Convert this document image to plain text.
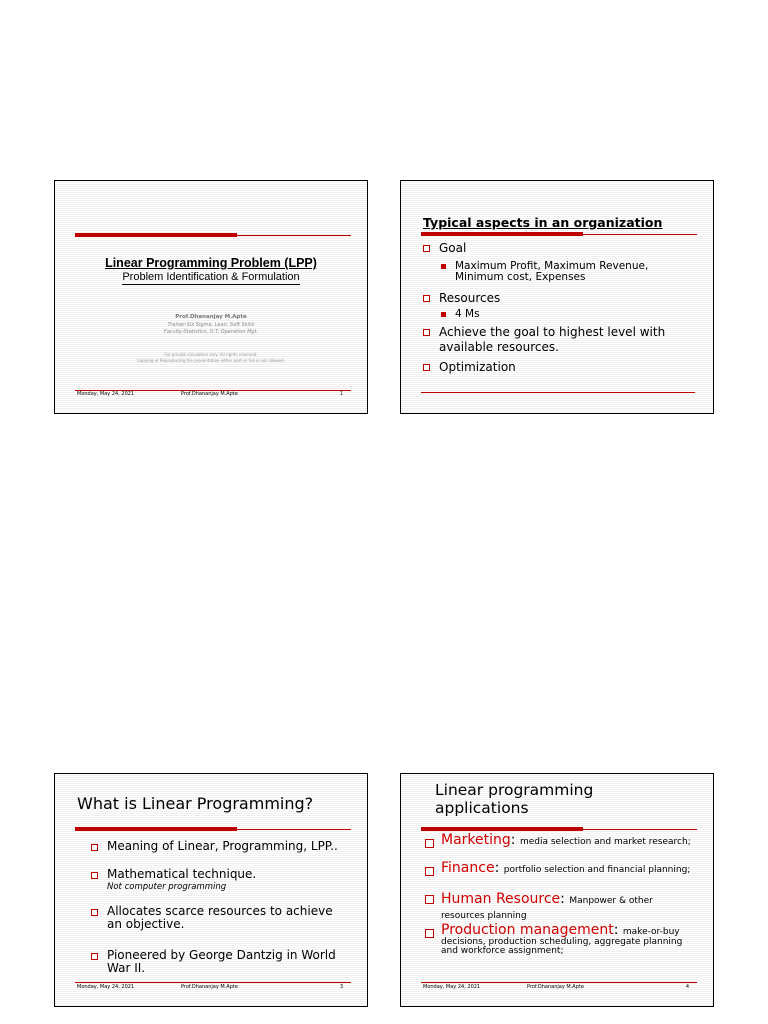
Linear Programming Problem (LPP)
Problem Identification & Formulation
Prof.Dhananjay M.Apte
Trainer-Six Sigma, Lean, Soft Skills
Faculty-Statistics, O.T. Operation Mgt.
For private circulation only. All rights reserved.
Copying or Reproducing the presentation either part or full is not allowed.
Monday, May 24, 2021	Prof.Dhananjay M.Apte	1
Typical aspects in an organization
Goal
Maximum Profit, Maximum Revenue, Minimum cost, Expenses
Resources
4 Ms
Achieve the goal to highest level with available resources.
Optimization
What is Linear Programming?
Meaning of Linear, Programming, LPP..
Mathematical technique.
Not computer programming
Allocates scarce resources to achieve an objective.
Pioneered by George Dantzig in World War II.
Monday, May 24, 2021	Prof.Dhananjay M.Apte	3
Linear programming applications
Marketing: media selection and market research;
Finance: portfolio selection and financial planning;
Human Resource: Manpower & other resources planning
Production management: make-or-buy decisions, production scheduling, aggregate planning and workforce assignment;
Monday, May 24, 2021	Prof.Dhananjay M.Apte	4
